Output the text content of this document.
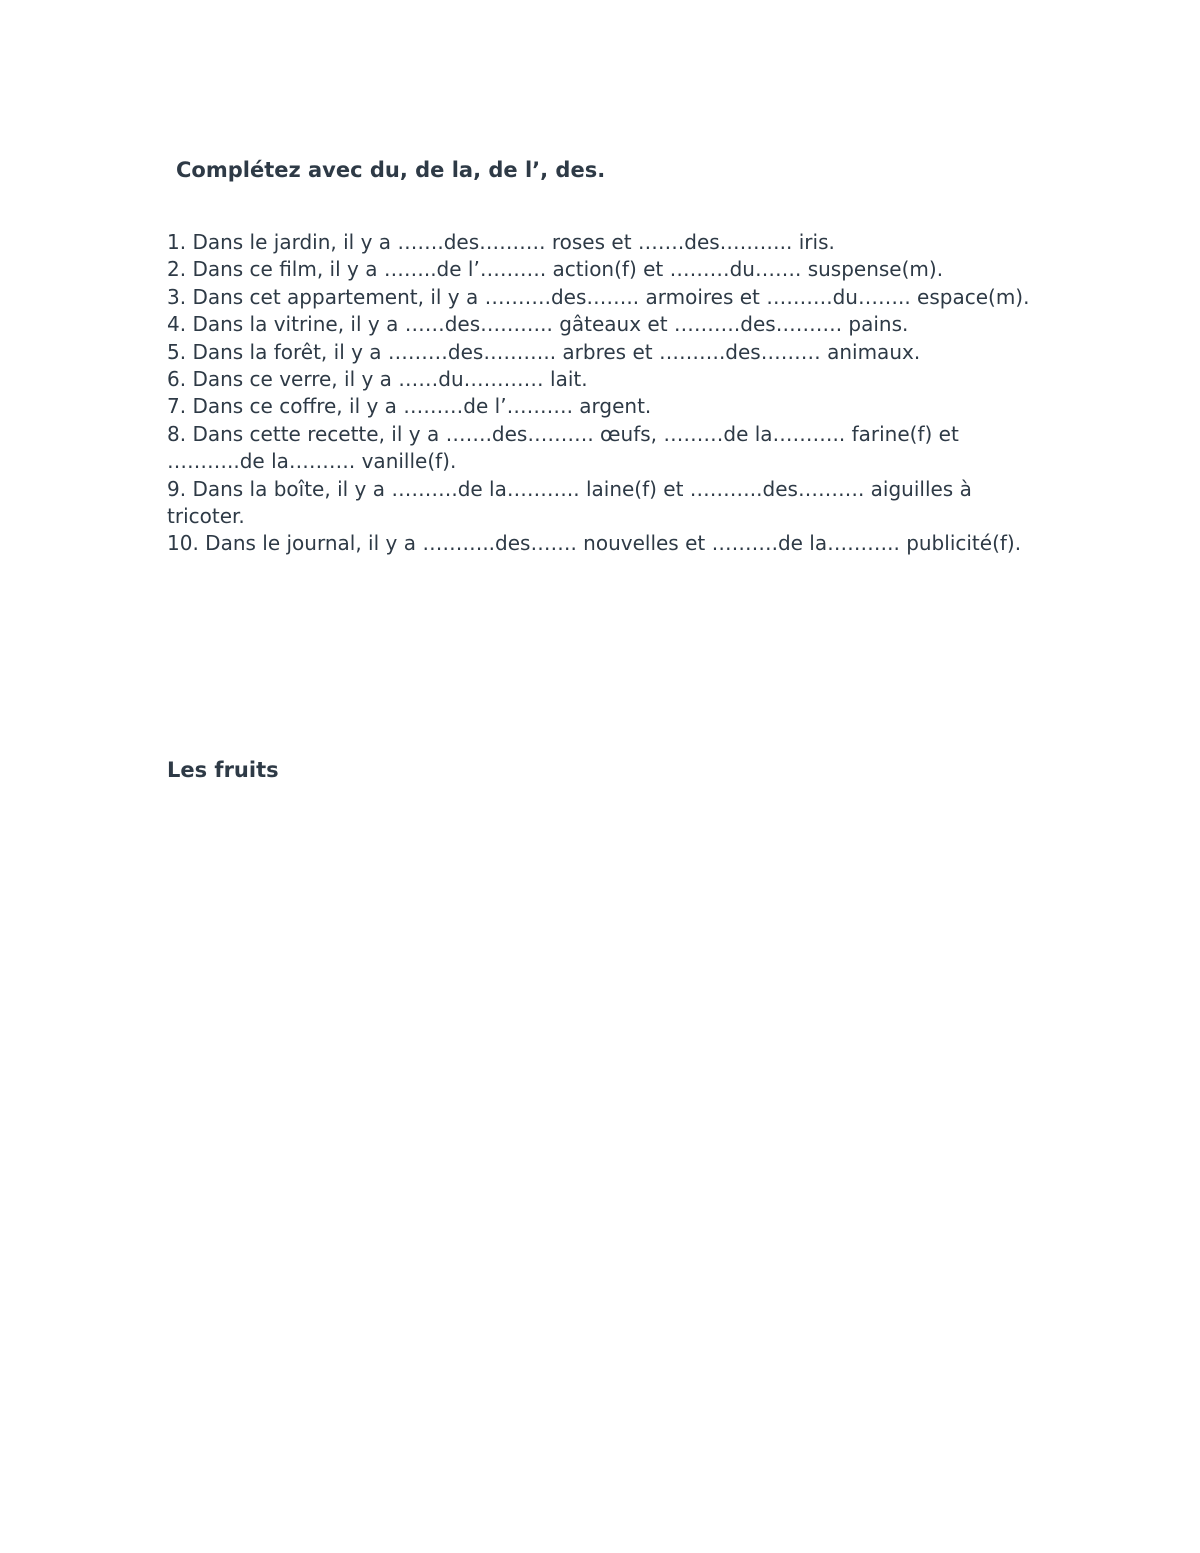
Complétez avec du, de la, de l’, des.
1. Dans le jardin, il y a …….des………. roses et …….des……….. iris.
2. Dans ce film, il y a ……..de l’………. action(f) et ………du……. suspense(m).
3. Dans cet appartement, il y a ……….des…….. armoires et ……….du…….. espace(m).
4. Dans la vitrine, il y a ……des……….. gâteaux et ……….des………. pains.
5. Dans la forêt, il y a ………des……….. arbres et ……….des……… animaux.
6. Dans ce verre, il y a ……du………… lait.
7. Dans ce coffre, il y a ………de l’………. argent.
8. Dans cette recette, il y a …….des………. œufs, ………de la……….. farine(f) et ………..de la………. vanille(f).
9. Dans la boîte, il y a ……….de la……….. laine(f) et ………..des………. aiguilles à tricoter.
10. Dans le journal, il y a ………..des……. nouvelles et ……….de la……….. publicité(f).
Les fruits
